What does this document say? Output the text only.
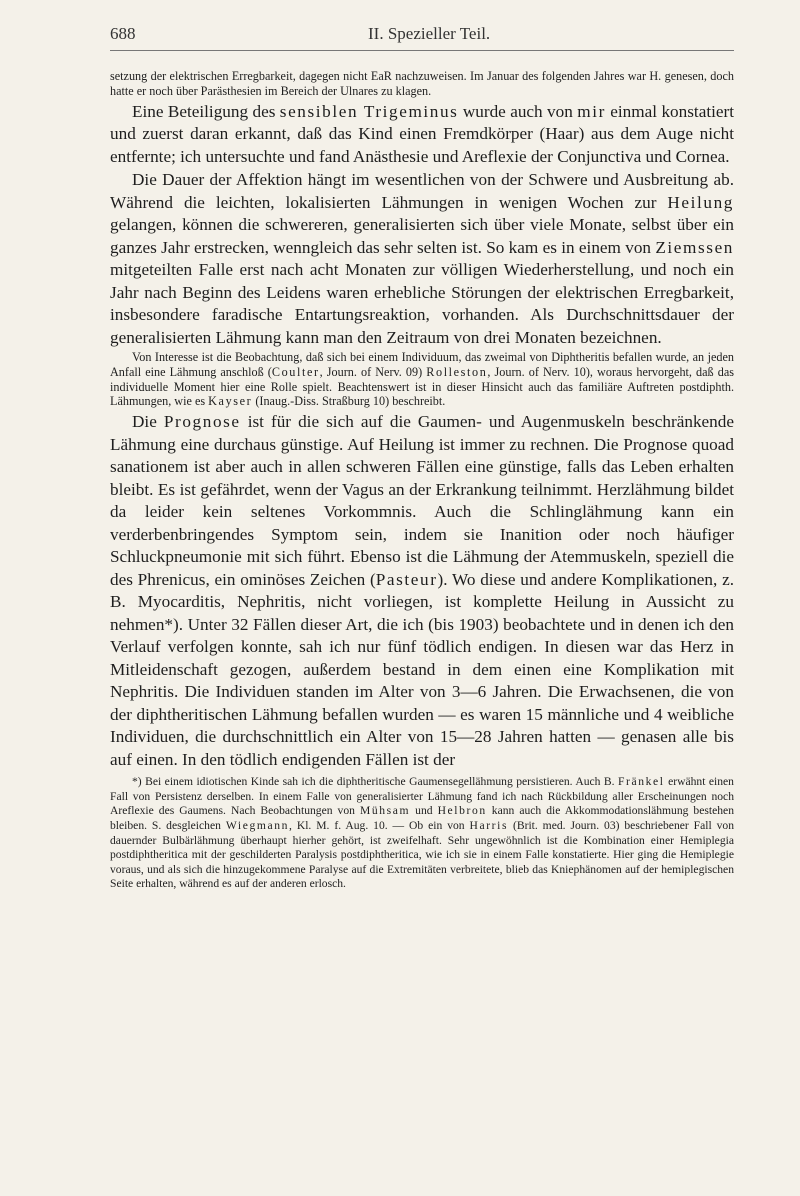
688	II. Spezieller Teil.

setzung der elektrischen Erregbarkeit, dagegen nicht EaR nachzuweisen. Im Januar des folgenden Jahres war H. genesen, doch hatte er noch über Parästhesien im Bereich der Ulnares zu klagen.

Eine Beteiligung des sensiblen Trigeminus wurde auch von mir einmal konstatiert und zuerst daran erkannt, daß das Kind einen Fremdkörper (Haar) aus dem Auge nicht entfernte; ich untersuchte und fand Anästhesie und Areflexie der Conjunctiva und Cornea.

Die Dauer der Affektion hängt im wesentlichen von der Schwere und Ausbreitung ab. Während die leichten, lokalisierten Lähmungen in wenigen Wochen zur Heilung gelangen, können die schwereren, generalisierten sich über viele Monate, selbst über ein ganzes Jahr erstrecken, wenngleich das sehr selten ist. So kam es in einem von Ziemssen mitgeteilten Falle erst nach acht Monaten zur völligen Wiederherstellung, und noch ein Jahr nach Beginn des Leidens waren erhebliche Störungen der elektrischen Erregbarkeit, insbesondere faradische Entartungsreaktion, vorhanden. Als Durchschnittsdauer der generalisierten Lähmung kann man den Zeitraum von drei Monaten bezeichnen.

Von Interesse ist die Beobachtung, daß sich bei einem Individuum, das zweimal von Diphtheritis befallen wurde, an jeden Anfall eine Lähmung anschloß (Coulter, Journ. of Nerv. 09) Rolleston, Journ. of Nerv. 10), woraus hervorgeht, daß das individuelle Moment hier eine Rolle spielt. Beachtenswert ist in dieser Hinsicht auch das familiäre Auftreten postdiphth. Lähmungen, wie es Kayser (Inaug.-Diss. Straßburg 10) beschreibt.

Die Prognose ist für die sich auf die Gaumen- und Augenmuskeln beschränkende Lähmung eine durchaus günstige. Auf Heilung ist immer zu rechnen. Die Prognose quoad sanationem ist aber auch in allen schweren Fällen eine günstige, falls das Leben erhalten bleibt. Es ist gefährdet, wenn der Vagus an der Erkrankung teilnimmt. Herzlähmung bildet da leider kein seltenes Vorkommnis. Auch die Schlinglähmung kann ein verderbenbringendes Symptom sein, indem sie Inanition oder noch häufiger Schluckpneumonie mit sich führt. Ebenso ist die Lähmung der Atemmuskeln, speziell die des Phrenicus, ein ominöses Zeichen (Pasteur). Wo diese und andere Komplikationen, z. B. Myocarditis, Nephritis, nicht vorliegen, ist komplette Heilung in Aussicht zu nehmen*). Unter 32 Fällen dieser Art, die ich (bis 1903) beobachtete und in denen ich den Verlauf verfolgen konnte, sah ich nur fünf tödlich endigen. In diesen war das Herz in Mitleidenschaft gezogen, außerdem bestand in dem einen eine Komplikation mit Nephritis. Die Individuen standen im Alter von 3—6 Jahren. Die Erwachsenen, die von der diphtheritischen Lähmung befallen wurden — es waren 15 männliche und 4 weibliche Individuen, die durchschnittlich ein Alter von 15—28 Jahren hatten — genasen alle bis auf einen. In den tödlich endigenden Fällen ist der

*) Bei einem idiotischen Kinde sah ich die diphtheritische Gaumensegellähmung persistieren. Auch B. Fränkel erwähnt einen Fall von Persistenz derselben. In einem Falle von generalisierter Lähmung fand ich nach Rückbildung aller Erscheinungen noch Areflexie des Gaumens. Nach Beobachtungen von Mühsam und Helbron kann auch die Akkommodationslähmung bestehen bleiben. S. desgleichen Wiegmann, Kl. M. f. Aug. 10. — Ob ein von Harris (Brit. med. Journ. 03) beschriebener Fall von dauernder Bulbärlähmung überhaupt hierher gehört, ist zweifelhaft. Sehr ungewöhnlich ist die Kombination einer Hemiplegia postdiphtheritica mit der geschilderten Paralysis postdiphtheritica, wie ich sie in einem Falle konstatierte. Hier ging die Hemiplegie voraus, und als sich die hinzugekommene Paralyse auf die Extremitäten verbreitete, blieb das Kniephänomen auf der hemiplegischen Seite erhalten, während es auf der anderen erlosch.
